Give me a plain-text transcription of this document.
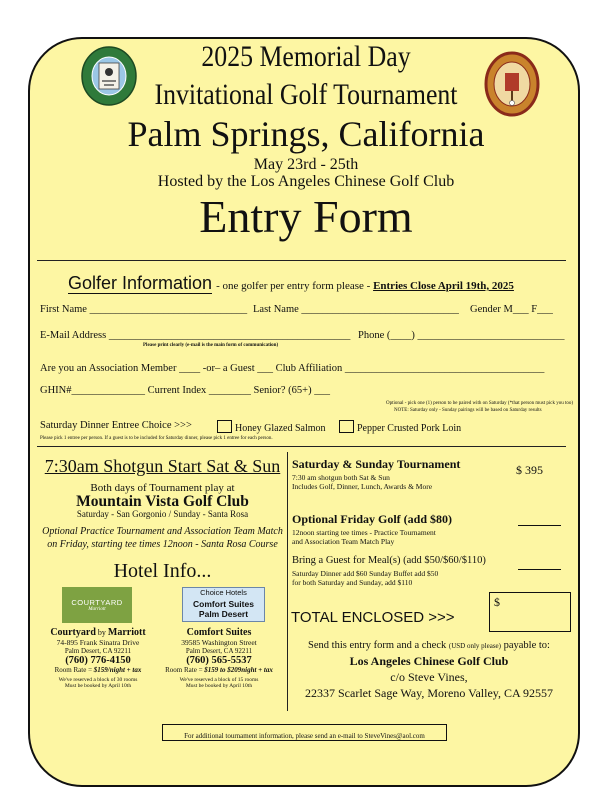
2025 Memorial Day
Invitational Golf Tournament
Palm Springs, California
May 23rd - 25th
Hosted by the Los Angeles Chinese Golf Club
Entry Form
Golfer Information - one golfer per entry form please - Entries Close April 19th, 2025
First Name ______________________________ Last Name ______________________________ Gender M___ F___
E-Mail Address ______________________________________________ Phone (____) ____________________________
Please print clearly (e-mail is the main form of communication)
Are you an Association Member ____ -or– a Guest ___ Club Affiliation ______________________________________
GHIN#______________ Current Index ________ Senior? (65+) ___
Optional - pick one (1) person to be paired with on Saturday (*that person must pick you too)
NOTE: Saturday only - Sunday pairings will be based on Saturday results
Saturday Dinner Entree Choice >>>	Honey Glazed Salmon	Pepper Crusted Pork Loin
Please pick 1 entree per person. If a guest is to be included for Saturday dinner, please pick 1 entree for each person.
7:30am Shotgun Start Sat & Sun
Both days of Tournament play at
Mountain Vista Golf Club
Saturday - San Gorgonio / Sunday - Santa Rosa
Optional Practice Tournament and Association Team Match on Friday, starting tee times 12noon - Santa Rosa Course
Hotel Info...
COURTYARD
Marriott
Choice Hotels
Comfort Suites
Palm Desert
Courtyard by Marriott
74-895 Frank Sinatra Drive
Palm Desert, CA 92211
(760) 776-4150
Room Rate = $159/night + tax
We've reserved a block of 30 rooms
Must be booked by April 10th
Comfort Suites
39585 Washington Street
Palm Desert, CA 92211
(760) 565-5537
Room Rate = $159 to $209night + tax
We've reserved a block of 15 rooms
Must be booked by April 10th
Saturday & Sunday Tournament	$ 395
7:30 am shotgun both Sat & Sun
Includes Golf, Dinner, Lunch, Awards & More
Optional Friday Golf (add $80)
12noon starting tee times - Practice Tournament
and Association Team Match Play
Bring a Guest for Meal(s) (add $50/$60/$110)
Saturday Dinner add $60 Sunday Buffet add $50
for both Saturday and Sunday, add $110
TOTAL ENCLOSED >>>
$
Send this entry form and a check (USD only please) payable to:
Los Angeles Chinese Golf Club
c/o Steve Vines,
22337 Scarlet Sage Way, Moreno Valley, CA 92557
For additional tournament information, please send an e-mail to SteveVines@aol.com
